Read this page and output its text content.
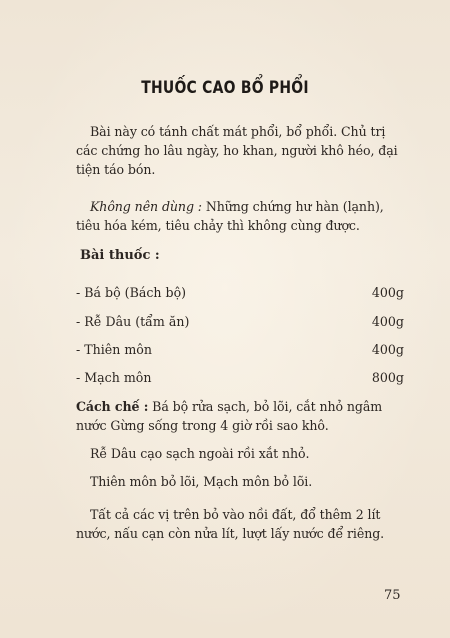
THUỐC CAO BỔ PHỔI
Bài này có tánh chất mát phổi, bổ phổi. Chủ trị
các chứng ho lâu ngày, ho khan, người khô héo, đại
tiện táo bón.
Không nên dùng : Những chứng hư hàn (lạnh),
tiêu hóa kém, tiêu chảy thì không cùng được.
Bài thuốc :
- Bá bộ (Bách bộ)	400g
- Rễ Dâu (tẩm ăn)	400g
- Thiên môn	400g
- Mạch môn	800g
Cách chế : Bá bộ rửa sạch, bỏ lõi, cắt nhỏ ngâm
nước Gừng sống trong 4 giờ rồi sao khô.
Rễ Dâu cạo sạch ngoài rồi xắt nhỏ.
Thiên môn bỏ lõi, Mạch môn bỏ lõi.
Tất cả các vị trên bỏ vào nồi đất, đổ thêm 2 lít
nước, nấu cạn còn nửa lít, lượt lấy nước để riêng.
75
